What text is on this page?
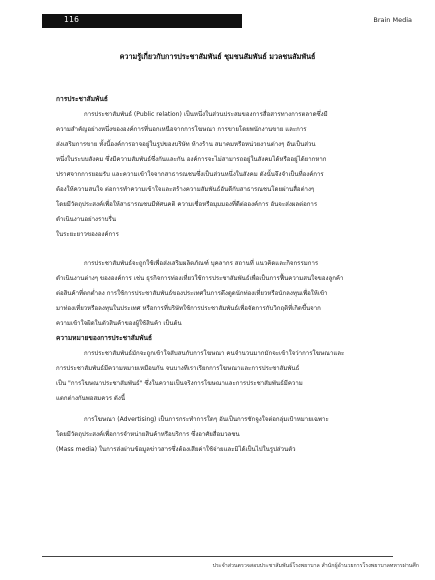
116	Brain Media
ความรู้เกี่ยวกับการประชาสัมพันธ์ ชุมชนสัมพันธ์ มวลชนสัมพันธ์

การประชาสัมพันธ์

การประชาสัมพันธ์ (Public relation) เป็นหนึ่งในส่วนประสมของการสื่อสารทางการตลาดซึ่งมี
ความสำคัญอย่างหนึ่งขององค์การที่นอกเหนือจากการโฆษณา การขายโดยพนักงานขาย และการ
ส่งเสริมการขาย ทั้งนี้องค์การอาจอยู่ในรูปของบริษัท ห้างร้าน สมาคมหรือหน่วยงานต่างๆ อันเป็นส่วน
หนึ่งในระบบสังคม ซึ่งมีความสัมพันธ์ซึ่งกันและกัน องค์การจะไม่สามารถอยู่ในสังคมได้หรืออยู่ได้ยากหาก
ปราศจากการยอมรับ และความเข้าใจจากสาธารณชนซึ่งเป็นส่วนหนึ่งในสังคม ดังนั้นจึงจำเป็นที่องค์การ
ต้องให้ความสนใจ ต่อการทำความเข้าใจและสร้างความสัมพันธ์อันดีกับสาธารณชนโดยผ่านสื่อต่างๆ
โดยมีวัตถุประสงค์เพื่อให้สาธารณชนมีทัศนคติ ความเชื่อหรือมุมมองที่ดีต่อองค์การ อันจะส่งผลต่อการ
ดำเนินงานอย่างราบรื่น
ในระยะยาวขององค์การ
การประชาสัมพันธ์จะถูกใช้เพื่อส่งเสริมผลิตภัณฑ์ บุคลากร สถานที่ แนวคิดและกิจกรรมการ
ดำเนินงานต่างๆ ขององค์การ เช่น ธุรกิจการท่องเที่ยวใช้การประชาสัมพันธ์เพื่อเป็นการฟื้นความสนใจของลูกค้า
ต่อสินค้าที่ตกต่ำลง การใช้การประชาสัมพันธ์ของประเทศในการดึงดูดนักท่องเที่ยวหรือนักลงทุนเพื่อให้เข้า
มาท่องเที่ยวหรือลงทุนในประเทศ หรือการที่บริษัทใช้การประชาสัมพันธ์เพื่อจัดการกับวิกฤติที่เกิดขึ้นจาก
ความเข้าใจผิดในตัวสินค้าของผู้ใช้สินค้า เป็นต้น

ความหมายของการประชาสัมพันธ์

การประชาสัมพันธ์มักจะถูกเข้าใจสับสนกับการโฆษณา คนจำนวนมากมักจะเข้าใจว่าการโฆษณาและ
การประชาสัมพันธ์มีความหมายเหมือนกัน จนบางทีเราเรียกการโฆษณาและการประชาสัมพันธ์
เป็น "การโฆษณาประชาสัมพันธ์" ซึ่งในความเป็นจริงการโฆษณาและการประชาสัมพันธ์มีความ
แตกต่างกันพอสมควร ดังนี้
การโฆษณา (Advertising) เป็นการกระทำการใดๆ อันเป็นการชักจูงใจต่อกลุ่มเป้าหมายเฉพาะ
โดยมีวัตถุประสงค์เพื่อการจำหน่ายสินค้าหรือบริการ ซึ่งอาศัยสื่อมวลชน
(Mass media) ในการส่งผ่านข้อมูลข่าวสารซึ่งต้องเสียค่าใช้จ่ายและมิได้เป็นไปในรูปส่วนตัว
ประจำส่วนตรวจสอบประชาสัมพันธ์โรงพยาบาล สำนักผู้อำนวยการโรงพยาบาลทหารผ่านศึก
